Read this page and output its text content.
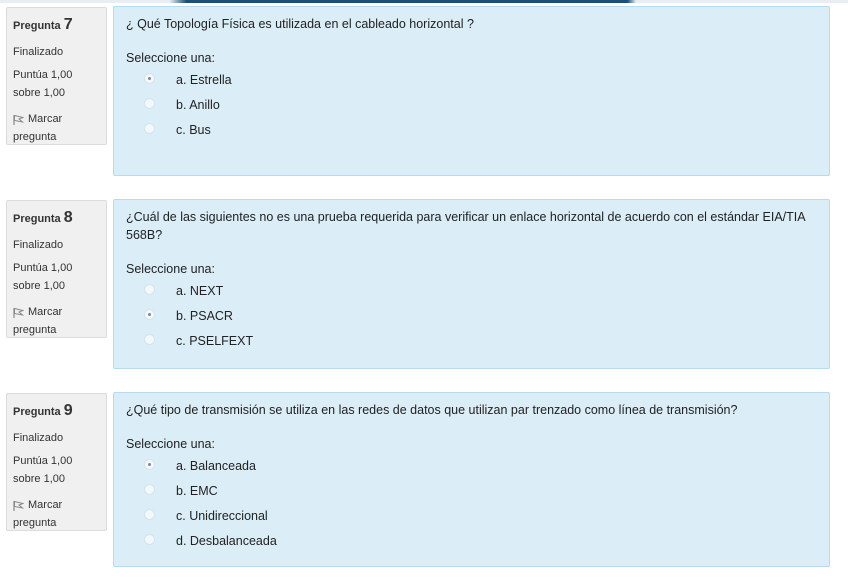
Pregunta 7
Finalizado
Puntúa 1,00 sobre 1,00
Marcar pregunta
¿ Qué Topología Física es utilizada en el cableado horizontal ?
Seleccione una:
a. Estrella
b. Anillo
c. Bus
Pregunta 8
Finalizado
Puntúa 1,00 sobre 1,00
Marcar pregunta
¿Cuál de las siguientes no es una prueba requerida para verificar un enlace horizontal de acuerdo con el estándar EIA/TIA 568B?
Seleccione una:
a. NEXT
b. PSACR
c. PSELFEXT
Pregunta 9
Finalizado
Puntúa 1,00 sobre 1,00
Marcar pregunta
¿Qué tipo de transmisión se utiliza en las redes de datos que utilizan par trenzado como línea de transmisión?
Seleccione una:
a. Balanceada
b. EMC
c. Unidireccional
d. Desbalanceada
